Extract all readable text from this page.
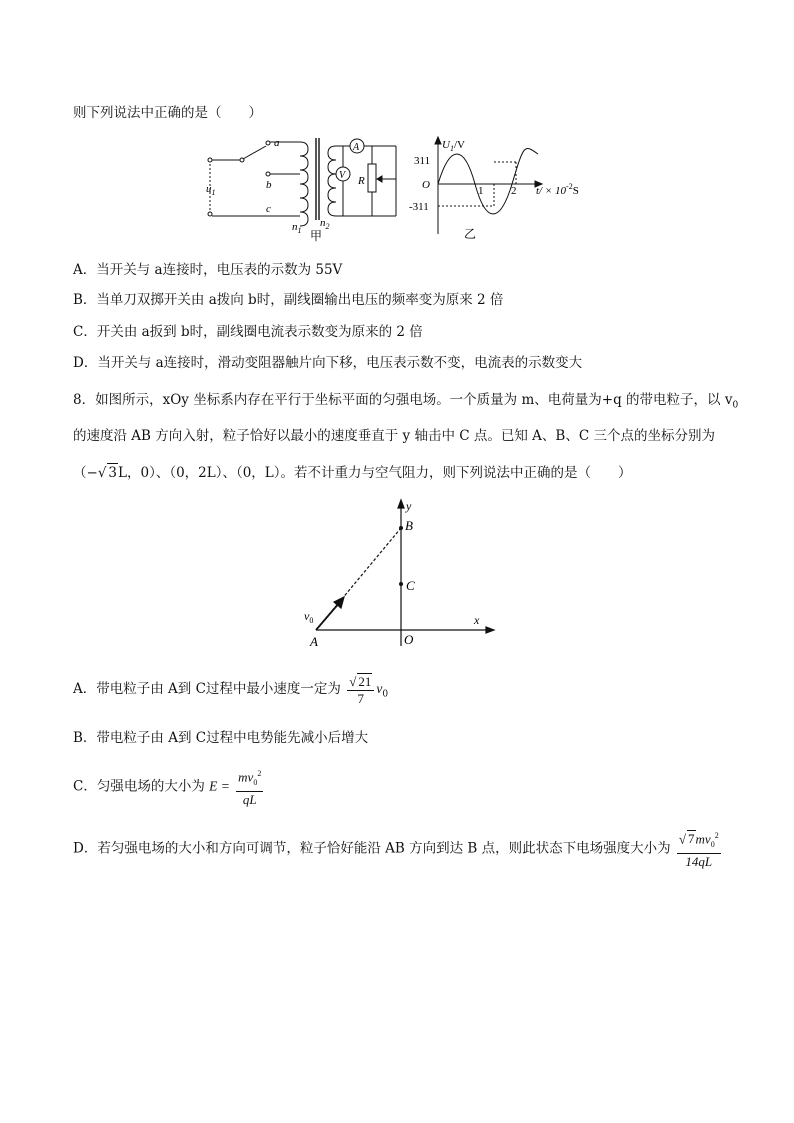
则下列说法中正确的是（　　）
a
b
c
$u_1$
$n_1$
$n_2$
A
V R
甲
$U_1/V$
311
O
-311
1	2 $t/ \times 10^{-2}S$
乙
A．当开关与 a连接时，电压表的示数为 55V
B．当单刀双掷开关由 a拨向 b时，副线圈输出电压的频率变为原来 2 倍
C．开关由 a扳到 b时，副线圈电流表示数变为原来的 2 倍
D．当开关与 a连接时，滑动变阻器触片向下移，电压表示数不变，电流表的示数变大
8．如图所示，xOy 坐标系内存在平行于坐标平面的匀强电场。一个质量为 m、电荷量为+q 的带电粒子，以 $v_0$
的速度沿 AB 方向入射，粒子恰好以最小的速度垂直于 y 轴击中 C 点。已知 A、B、C 三个点的坐标分别为
（−√ 3L，0）、（0，2L）、（0，L）。若不计重力与空气阻力，则下列说法中正确的是（　　）
y
x
B
C
O
A
$v_0$
A．带电粒子由 A到 C过程中最小速度一定为 $\frac{√ 21}{7} v_0$
B．带电粒子由 A到 C过程中电势能先减小后增大
C．匀强电场的大小为 $E = \frac{mv_0^2}{qL}$
D．若匀强电场的大小和方向可调节，粒子恰好能沿 AB 方向到达 B 点，则此状态下电场强度大小为 $\frac{√ 7mv_0^2}{14qL}$
